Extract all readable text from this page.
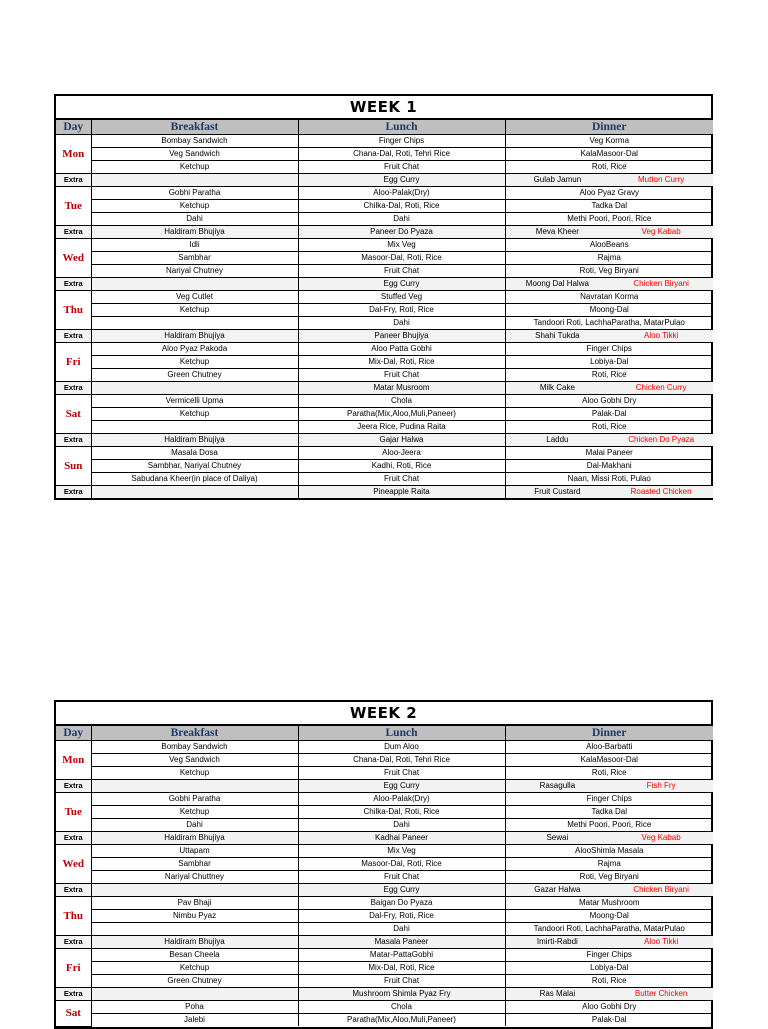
WEEK 1
Day	Breakfast	Lunch	Dinner
Mon	Bombay Sandwich	Finger Chips	Veg Korma
	Veg Sandwich	Chana-Dal, Roti, Tehri Rice	KalaMasoor-Dal
	Ketchup	Fruit Chat	Roti, Rice
Extra		Egg Curry	Gulab Jamun Mutton Curry

Tue	Gobhi Paratha	Aloo-Palak(Dry)	Aloo Pyaz Gravy
	Ketchup	Chilka-Dal, Roti, Rice	Tadka Dal
	Dahi	Dahi	Methi Poori, Poori, Rice
Extra	Haldiram Bhujiya	Paneer Do Pyaza	Meva Kheer Veg Kabab

Wed	Idli	Mix Veg	AlooBeans
	Sambhar	Masoor-Dal, Roti, Rice	Rajma
	Nariyal Chutney	Fruit Chat	Roti, Veg Biryani
Extra		Egg Curry	Moong Dal Halwa Chicken Biryani

Thu	Veg Cutlet	Stuffed Veg	Navratan Korma
	Ketchup	Dal-Fry, Roti, Rice	Moong-Dal
		Dahi	Tandoori Roti, LachhaParatha, MatarPulao
Extra	Haldiram Bhujiya	Paneer Bhujiya	Shahi Tukda Aloo Tikki

Fri	Aloo Pyaz Pakoda	Aloo Patta Gobhi	Finger Chips
	Ketchup	Mix-Dal, Roti, Rice	Lobiya-Dal
	Green Chutney	Fruit Chat	Roti, Rice
Extra		Matar Musroom	Milk Cake Chicken Curry

Sat	Vermicelli Upma	Chola	Aloo Gobhi Dry
	Ketchup	Paratha(Mix,Aloo,Muli,Paneer)	Palak-Dal
		Jeera Rice, Pudina Raita	Roti, Rice
Extra	Haldiram Bhujiya	Gajar Halwa	Laddu Chicken Do Pyaza

Sun	Masala Dosa	Aloo-Jeera	Malai Paneer
	Sambhar, Nariyal Chutney	Kadhi, Roti, Rice	Dal-Makhani
	Sabudana Kheer(in place of Daliya)	Fruit Chat	Naan, Missi Roti, Pulao
Extra		Pineapple Raita	Fruit Custard Roasted Chicken
WEEK 2
Day	Breakfast	Lunch	Dinner
Mon	Bombay Sandwich	Dum Aloo	Aloo-Barbatti
	Veg Sandwich	Chana-Dal, Roti, Tehri Rice	KalaMasoor-Dal
	Ketchup	Fruit Chat	Roti, Rice
Extra		Egg Curry	Rasagulla Fish Fry

Tue	Gobhi Paratha	Aloo-Palak(Dry)	Finger Chips
	Ketchup	Chilka-Dal, Roti, Rice	Tadka Dal
	Dahi	Dahi	Methi Poori, Poori, Rice
Extra	Haldiram Bhujiya	Kadhai Paneer	Sewai Veg Kabab

Wed	Uttapam	Mix Veg	AlooShimla Masala
	Sambhar	Masoor-Dal, Roti, Rice	Rajma
	Nariyal Chuttney	Fruit Chat	Roti, Veg Biryani
Extra		Egg Curry	Gazar Halwa Chicken Biryani

Thu	Pav Bhaji	Baigan Do Pyaza	Matar Mushroom
	Nimbu Pyaz	Dal-Fry, Roti, Rice	Moong-Dal
		Dahi	Tandoori Roti, LachhaParatha, MatarPulao
Extra	Haldiram Bhujiya	Masala Paneer	Imirti-Rabdi Aloo Tikki

Fri	Besan Cheela	Matar-PattaGobhi	Finger Chips
	Ketchup	Mix-Dal, Roti, Rice	Lobiya-Dal
	Green Chutney	Fruit Chat	Roti, Rice
Extra		Mushroom Shimla Pyaz Fry	Ras Malai Butter Chicken

Sat	Poha	Chola	Aloo Gobhi Dry
	Jalebi	Paratha(Mix,Aloo,Muli,Paneer)	Palak-Dal
